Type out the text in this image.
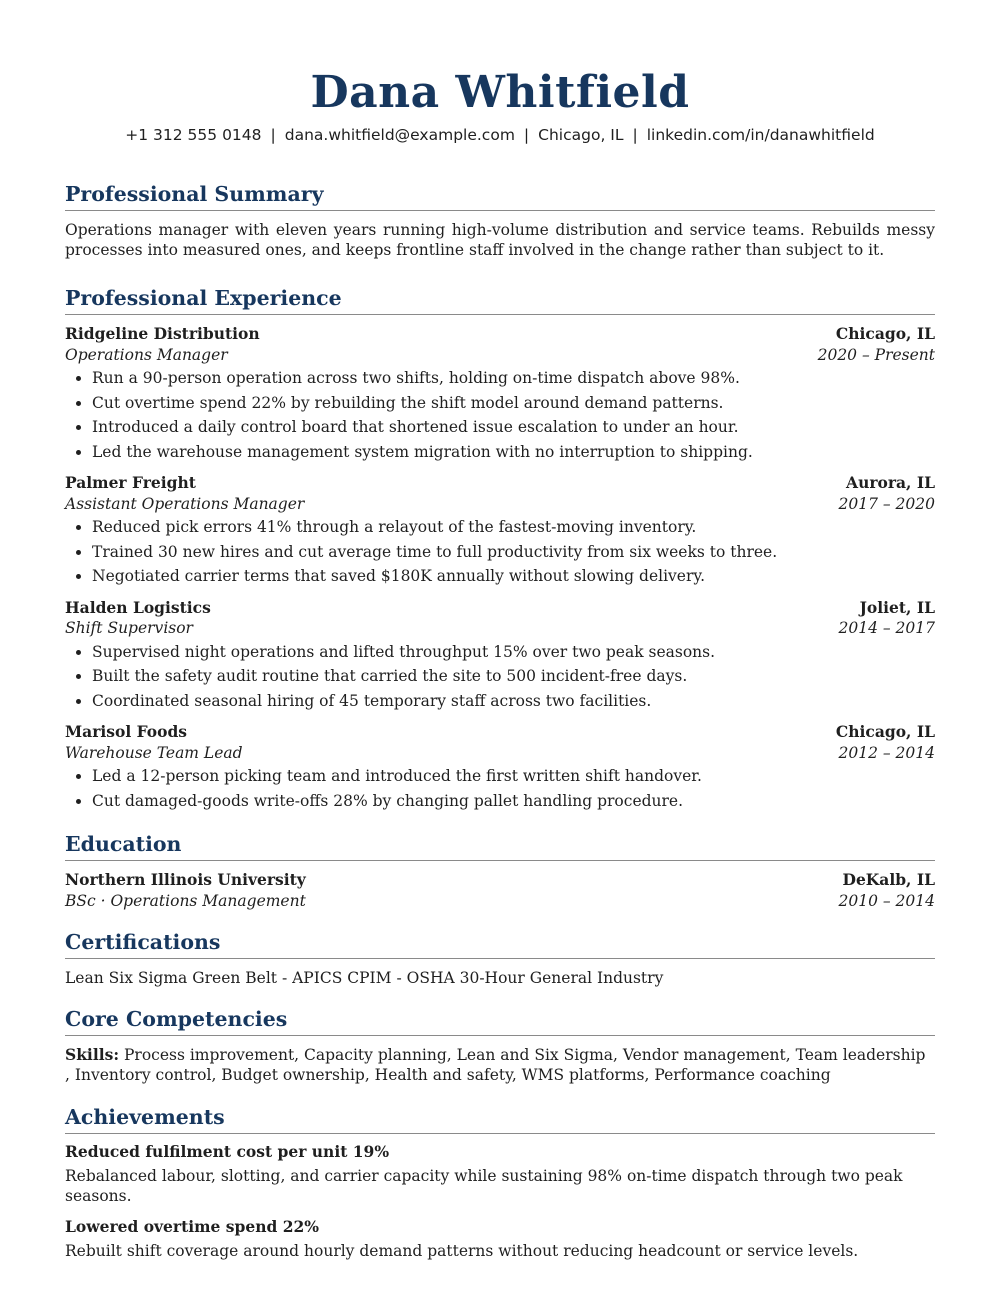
Dana Whitfield
+1 312 555 0148 | dana.whitfield@example.com | Chicago, IL | linkedin.com/in/danawhitfield
Professional Summary
Operations manager with eleven years running high-volume distribution and service teams. Rebuilds messy processes into measured ones, and keeps frontline staff involved in the change rather than subject to it.
Professional Experience
Ridgeline Distribution	Chicago, IL
Operations Manager	2020 – Present
• Run a 90-person operation across two shifts, holding on-time dispatch above 98%.
• Cut overtime spend 22% by rebuilding the shift model around demand patterns.
• Introduced a daily control board that shortened issue escalation to under an hour.
• Led the warehouse management system migration with no interruption to shipping.
Palmer Freight	Aurora, IL
Assistant Operations Manager	2017 – 2020
• Reduced pick errors 41% through a relayout of the fastest-moving inventory.
• Trained 30 new hires and cut average time to full productivity from six weeks to three.
• Negotiated carrier terms that saved $180K annually without slowing delivery.
Halden Logistics	Joliet, IL
Shift Supervisor	2014 – 2017
• Supervised night operations and lifted throughput 15% over two peak seasons.
• Built the safety audit routine that carried the site to 500 incident-free days.
• Coordinated seasonal hiring of 45 temporary staff across two facilities.
Marisol Foods	Chicago, IL
Warehouse Team Lead	2012 – 2014
• Led a 12-person picking team and introduced the first written shift handover.
• Cut damaged-goods write-offs 28% by changing pallet handling procedure.
Education
Northern Illinois University	DeKalb, IL
BSc · Operations Management	2010 – 2014
Certifications
Lean Six Sigma Green Belt - APICS CPIM - OSHA 30-Hour General Industry
Core Competencies
Skills: Process improvement, Capacity planning, Lean and Six Sigma, Vendor management, Team leadership
, Inventory control, Budget ownership, Health and safety, WMS platforms, Performance coaching
Achievements
Reduced fulfilment cost per unit 19%
Rebalanced labour, slotting, and carrier capacity while sustaining 98% on-time dispatch through two peak seasons.
Lowered overtime spend 22%
Rebuilt shift coverage around hourly demand patterns without reducing headcount or service levels.
